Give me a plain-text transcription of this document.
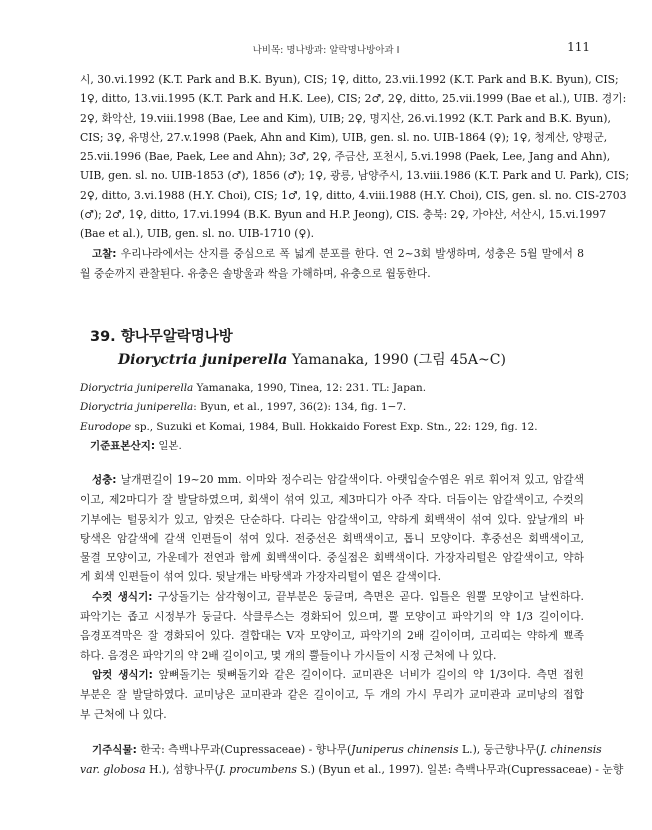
나비목: 명나방과: 알락명나방아과 I	111
시, 30.vi.1992 (K.T. Park and B.K. Byun), CIS; 1♀, ditto, 23.vii.1992 (K.T. Park and B.K. Byun), CIS;
1♀, ditto, 13.vii.1995 (K.T. Park and H.K. Lee), CIS; 2♂, 2♀, ditto, 25.vii.1999 (Bae et al.), UIB. 경기:
2♀, 화악산, 19.viii.1998 (Bae, Lee and Kim), UIB; 2♀, 명지산, 26.vi.1992 (K.T. Park and B.K. Byun),
CIS; 3♀, 유명산, 27.v.1998 (Paek, Ahn and Kim), UIB, gen. sl. no. UIB-1864 (♀); 1♀, 청계산, 양평군,
25.vii.1996 (Bae, Paek, Lee and Ahn); 3♂, 2♀, 주금산, 포천시, 5.vi.1998 (Paek, Lee, Jang and Ahn),
UIB, gen. sl. no. UIB-1853 (♂), 1856 (♂); 1♀, 광릉, 남양주시, 13.viii.1986 (K.T. Park and U. Park), CIS;
2♀, ditto, 3.vi.1988 (H.Y. Choi), CIS; 1♂, 1♀, ditto, 4.viii.1988 (H.Y. Choi), CIS, gen. sl. no. CIS-2703
(♂); 2♂, 1♀, ditto, 17.vi.1994 (B.K. Byun and H.P. Jeong), CIS. 충북: 2♀, 가야산, 서산시, 15.vi.1997
(Bae et al.), UIB, gen. sl. no. UIB-1710 (♀).
고찰: 우리나라에서는 산지를 중심으로 폭 넓게 분포를 한다. 연 2~3회 발생하며, 성충은 5월 말에서 8
월 중순까지 관찰된다. 유충은 솔방울과 싹을 가해하며, 유충으로 월동한다.
39. 향나무알락명나방
Dioryctria juniperella Yamanaka, 1990 (그림 45A~C)
Dioryctria juniperella Yamanaka, 1990, Tinea, 12: 231. TL: Japan.
Dioryctria juniperella: Byun, et al., 1997, 36(2): 134, fig. 1−7.
Eurodope sp., Suzuki et Komai, 1984, Bull. Hokkaido Forest Exp. Stn., 22: 129, fig. 12.
기준표본산지: 일본.
성충: 날개편길이 19~20 mm. 이마와 정수리는 암갈색이다. 아랫입술수염은 위로 휘어져 있고, 암갈색
이고, 제2마디가 잘 발달하였으며, 회색이 섞여 있고, 제3마디가 아주 작다. 더듬이는 암갈색이고, 수컷의
기부에는 털뭉치가 있고, 암컷은 단순하다. 다리는 암갈색이고, 약하게 회백색이 섞여 있다. 앞날개의 바
탕색은 암갈색에 갈색 인편들이 섞여 있다. 전중선은 회백색이고, 톱니 모양이다. 후중선은 회백색이고,
물결 모양이고, 가운데가 전연과 함께 회백색이다. 중실점은 회백색이다. 가장자리털은 암갈색이고, 약하
게 회색 인편들이 섞여 있다. 뒷날개는 바탕색과 가장자리털이 옅은 갈색이다.
수컷 생식기: 구상돌기는 삼각형이고, 끝부분은 둥글며, 측면은 곧다. 입틀은 원뿔 모양이고 날씬하다.
파악기는 좁고 시정부가 둥글다. 삭클루스는 경화되어 있으며, 뿔 모양이고 파악기의 약 1/3 길이이다.
음경포격막은 잘 경화되어 있다. 결합대는 V자 모양이고, 파악기의 2배 길이이며, 고리띠는 약하게 뾰족
하다. 음경은 파악기의 약 2배 길이이고, 몇 개의 뿔들이나 가시들이 시정 근처에 나 있다.
암컷 생식기: 앞뼈돌기는 뒷뼈돌기와 같은 길이이다. 교미관은 너비가 길이의 약 1/3이다. 측면 접힌
부분은 잘 발달하였다. 교미낭은 교미관과 같은 길이이고, 두 개의 가시 무리가 교미관과 교미낭의 접합
부 근처에 나 있다.
기주식물: 한국: 측백나무과(Cupressaceae) - 향나무(Juniperus chinensis L.), 둥근향나무(J. chinensis
var. globosa H.), 섬향나무(J. procumbens S.) (Byun et al., 1997). 일본: 측백나무과(Cupressaceae) - 눈향
